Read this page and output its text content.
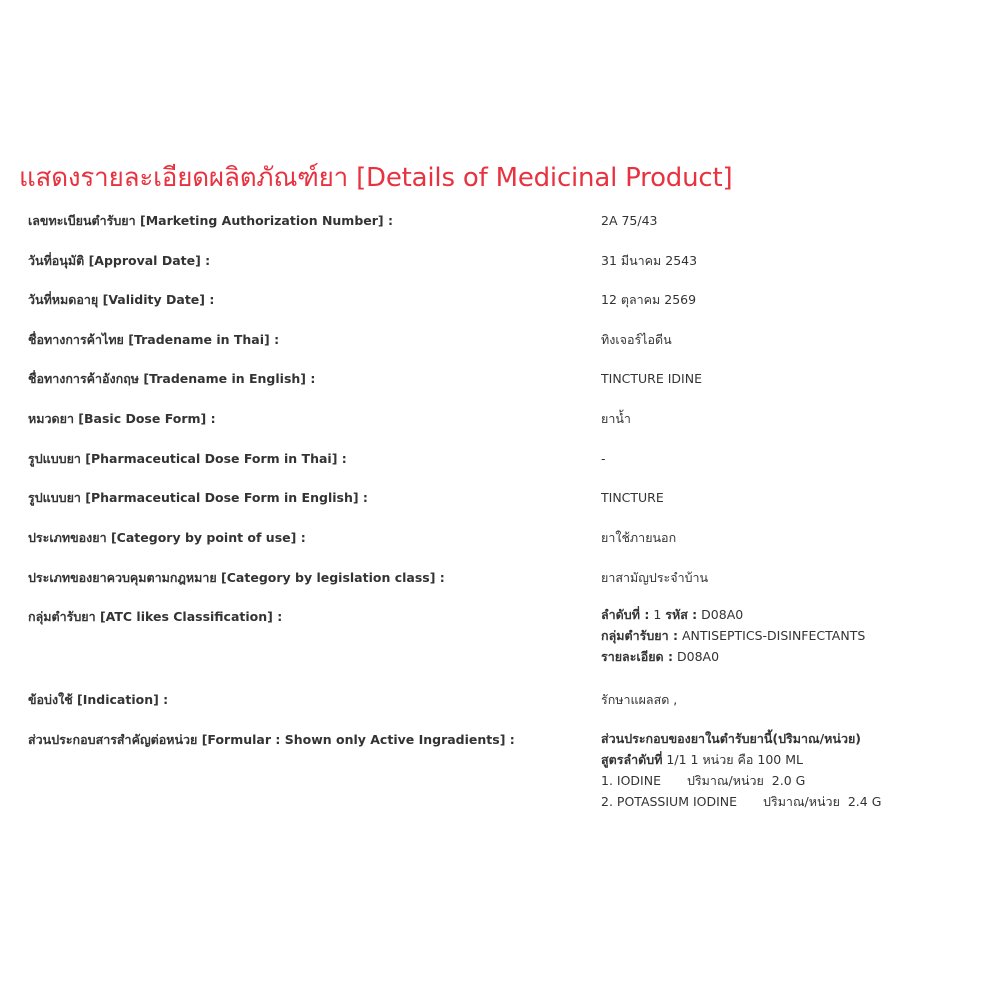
แสดงรายละเอียดผลิตภัณฑ์ยา [Details of Medicinal Product]
เลขทะเบียนตำรับยา [Marketing Authorization Number] :	2A 75/43
วันที่อนุมัติ [Approval Date] :	31 มีนาคม 2543
วันที่หมดอายุ [Validity Date] :	12 ตุลาคม 2569
ชื่อทางการค้าไทย [Tradename in Thai] :	ทิงเจอร์ไอดีน
ชื่อทางการค้าอังกฤษ [Tradename in English] :	TINCTURE IDINE
หมวดยา [Basic Dose Form] :	ยาน้ำ
รูปแบบยา [Pharmaceutical Dose Form in Thai] :	-
รูปแบบยา [Pharmaceutical Dose Form in English] :	TINCTURE
ประเภทของยา [Category by point of use] :	ยาใช้ภายนอก
ประเภทของยาควบคุมตามกฎหมาย [Category by legislation class] :	ยาสามัญประจำบ้าน
กลุ่มตำรับยา [ATC likes Classification] :	ลำดับที่ : 1 รหัส : D08A0
กลุ่มตำรับยา : ANTISEPTICS-DISINFECTANTS
รายละเอียด : D08A0
ข้อบ่งใช้ [Indication] :	รักษาแผลสด ,
ส่วนประกอบสารสำคัญต่อหน่วย [Formular : Shown only Active Ingradients] :	ส่วนประกอบของยาในตำรับยานี้(ปริมาณ/หน่วย)
สูตรลำดับที่ 1/1 1 หน่วย คือ 100 ML
1. IODINE ปริมาณ/หน่วย 2.0 G
2. POTASSIUM IODINE ปริมาณ/หน่วย 2.4 G
